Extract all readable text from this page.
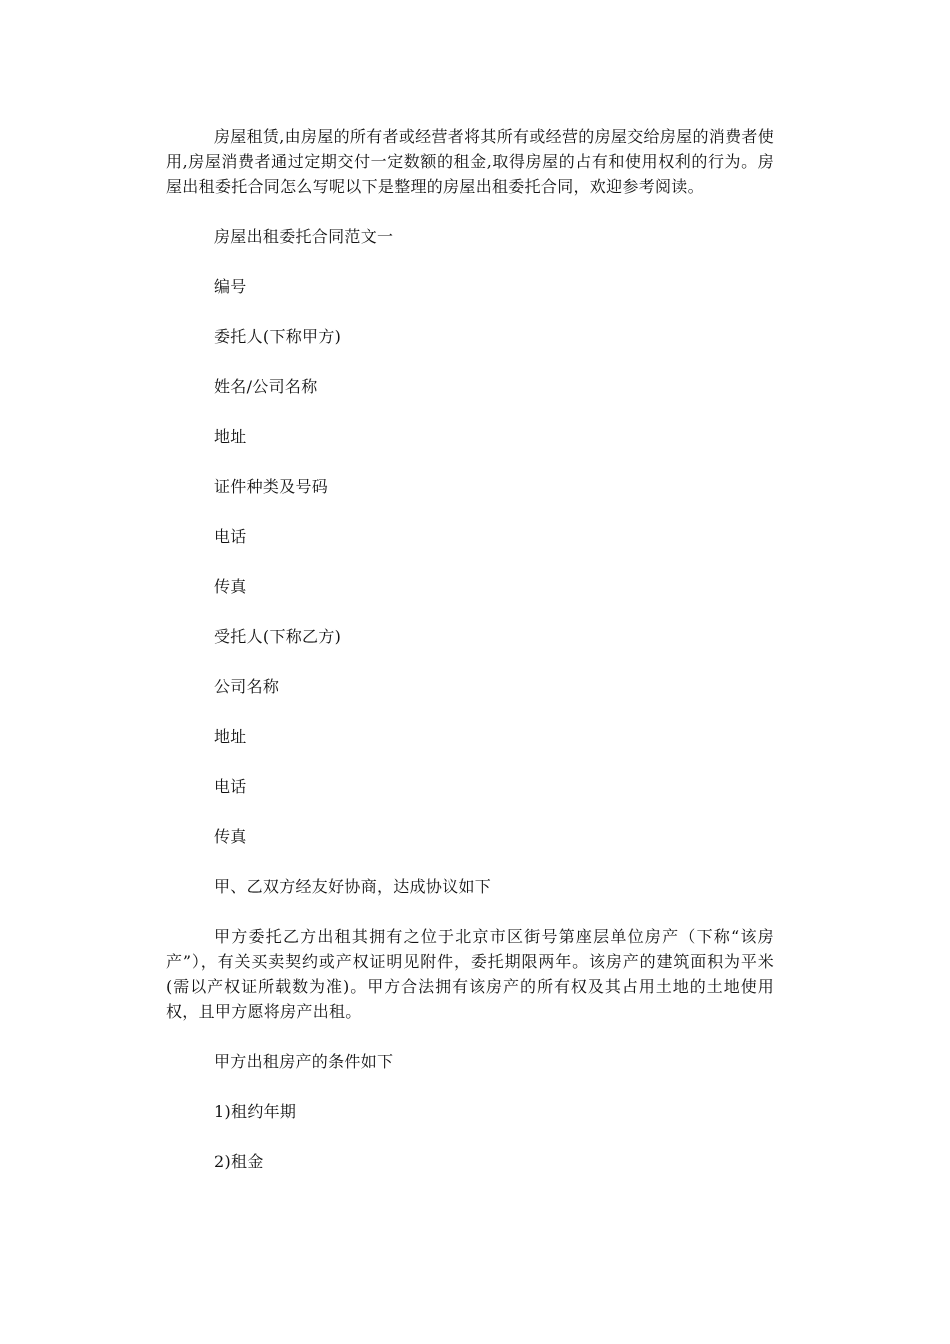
房屋租赁,由房屋的所有者或经营者将其所有或经营的房屋交给房屋的消费者使用,房屋消费者通过定期交付一定数额的租金,取得房屋的占有和使用权利的行为。房屋出租委托合同怎么写呢以下是整理的房屋出租委托合同，欢迎参考阅读。

房屋出租委托合同范文一

编号

委托人(下称甲方)

姓名/公司名称

地址

证件种类及号码

电话

传真

受托人(下称乙方)

公司名称

地址

电话

传真

甲、乙双方经友好协商，达成协议如下

甲方委托乙方出租其拥有之位于北京市区街号第座层单位房产（下称“该房产”），有关买卖契约或产权证明见附件，委托期限两年。该房产的建筑面积为平米(需以产权证所载数为准)。甲方合法拥有该房产的所有权及其占用土地的土地使用权，且甲方愿将房产出租。

甲方出租房产的条件如下

1)租约年期

2)租金
